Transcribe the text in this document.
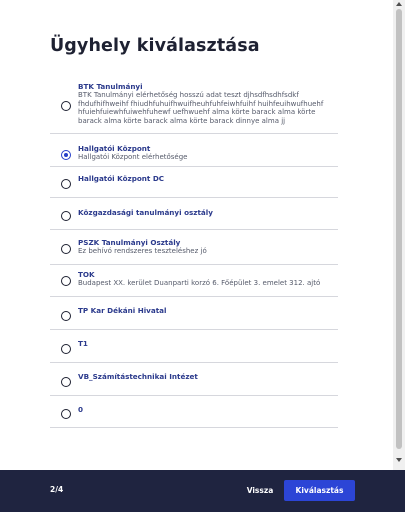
Ügyhely kiválasztása
BTK Tanulmányi
BTK Tanulmányi elérhetőség hosszú adat teszt djhsdfhsdhfsdkf fhdufhifhweihf fhiudhfuhuifhwuifheuhfuhfeiwhfuihf huihfeuihwufhuehf hfuiehfuiewhfuiwehfuhewf uefhwuehf alma körte barack alma körte barack alma körte barack alma körte barack dinnye alma jj
Hallgatói Központ
Hallgatói Központ elérhetősége
Hallgatói Központ DC
Közgazdasági tanulmányi osztály
PSZK Tanulmányi Osztály
Ez behívó rendszeres teszteléshez jó
TOK
Budapest XX. kerület Duanparti korzó 6. Főépület 3. emelet 312. ajtó
TP Kar Dékáni Hivatal
T1
VB_Számítástechnikai Intézet
0
2/4	Vissza	Kiválasztás
